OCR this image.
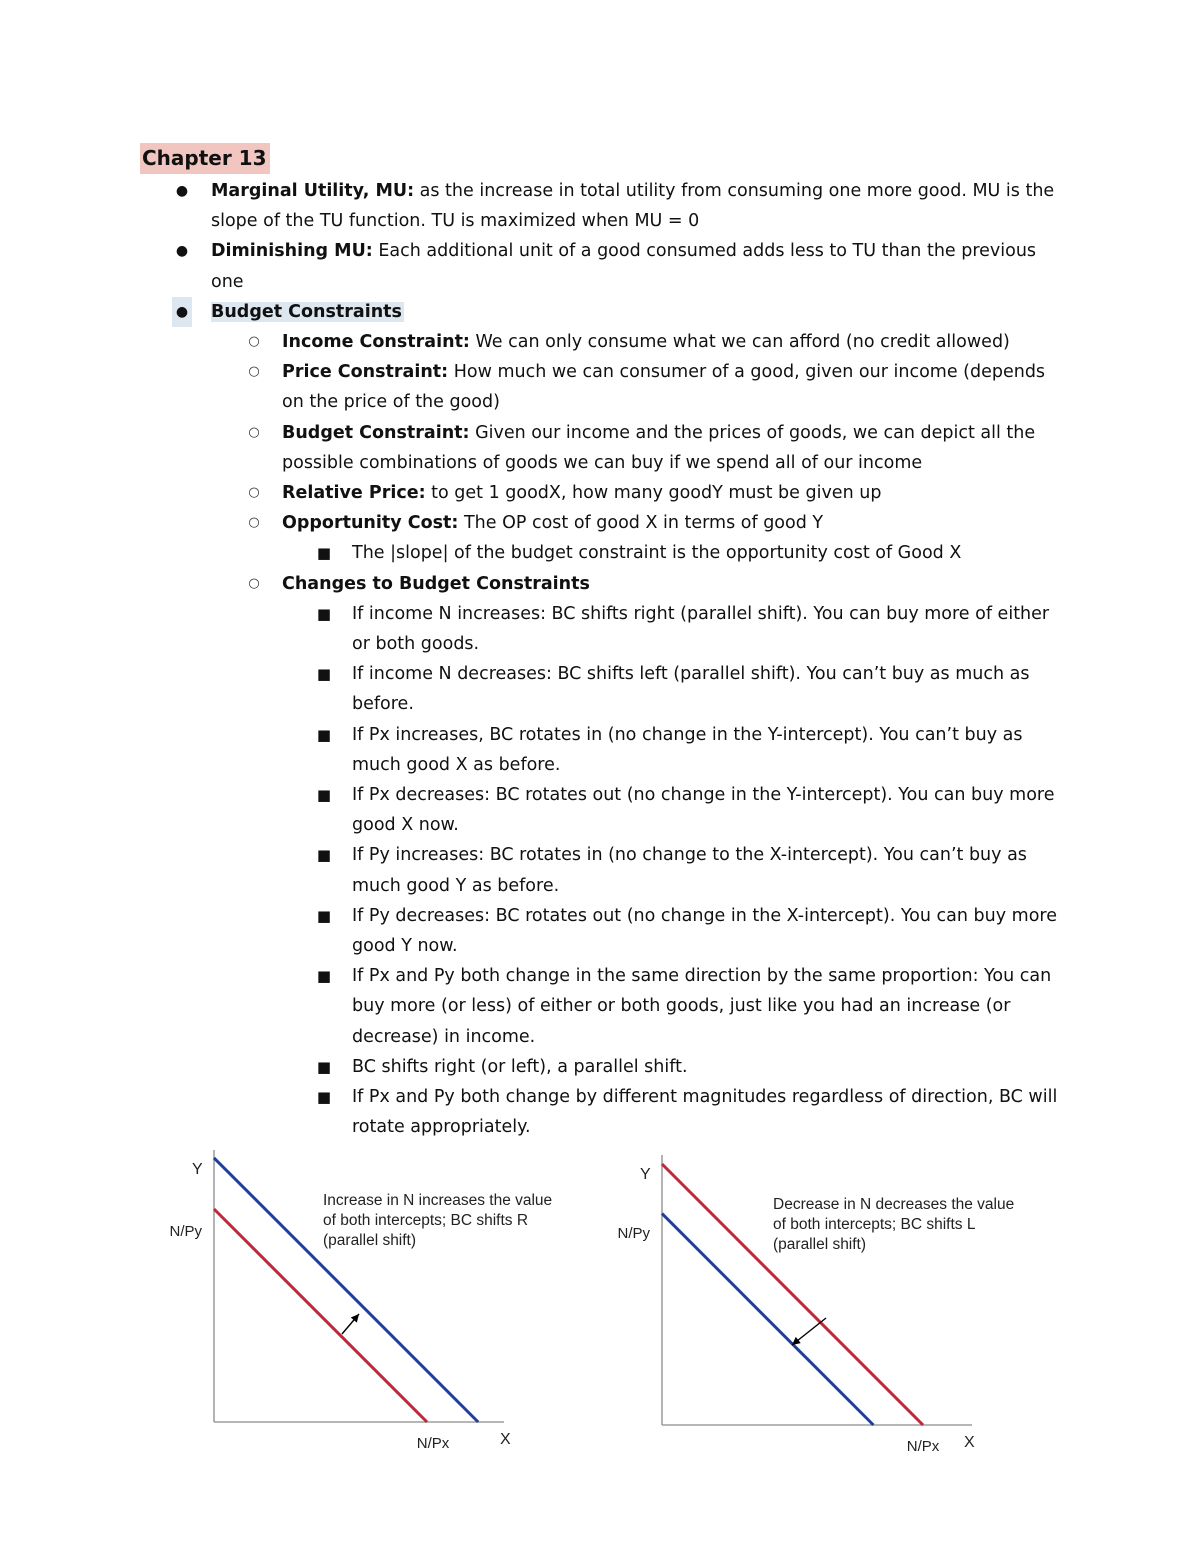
Chapter 13
● Marginal Utility, MU: as the increase in total utility from consuming one more good. MU is the slope of the TU function. TU is maximized when MU = 0
● Diminishing MU: Each additional unit of a good consumed adds less to TU than the previous one
● Budget Constraints
○ Income Constraint: We can only consume what we can afford (no credit allowed)
○ Price Constraint: How much we can consumer of a good, given our income (depends on the price of the good)
○ Budget Constraint: Given our income and the prices of goods, we can depict all the possible combinations of goods we can buy if we spend all of our income
○ Relative Price: to get 1 goodX, how many goodY must be given up
○ Opportunity Cost: The OP cost of good X in terms of good Y
■ The |slope| of the budget constraint is the opportunity cost of Good X
○ Changes to Budget Constraints
■ If income N increases: BC shifts right (parallel shift). You can buy more of either or both goods.
■ If income N decreases: BC shifts left (parallel shift). You can’t buy as much as before.
■ If Px increases, BC rotates in (no change in the Y-intercept). You can’t buy as much good X as before.
■ If Px decreases: BC rotates out (no change in the Y-intercept). You can buy more good X now.
■ If Py increases: BC rotates in (no change to the X-intercept). You can’t buy as much good Y as before.
■ If Py decreases: BC rotates out (no change in the X-intercept). You can buy more good Y now.
■ If Px and Py both change in the same direction by the same proportion: You can buy more (or less) of either or both goods, just like you had an increase (or decrease) in income.
■ BC shifts right (or left), a parallel shift.
■ If Px and Py both change by different magnitudes regardless of direction, BC will rotate appropriately.
Y
X
N/Py
N/Px
Increase in N increases the value
of both intercepts; BC shifts R
(parallel shift)
Y
X
N/Py
N/Px
Decrease in N decreases the value
of both intercepts; BC shifts L
(parallel shift)
